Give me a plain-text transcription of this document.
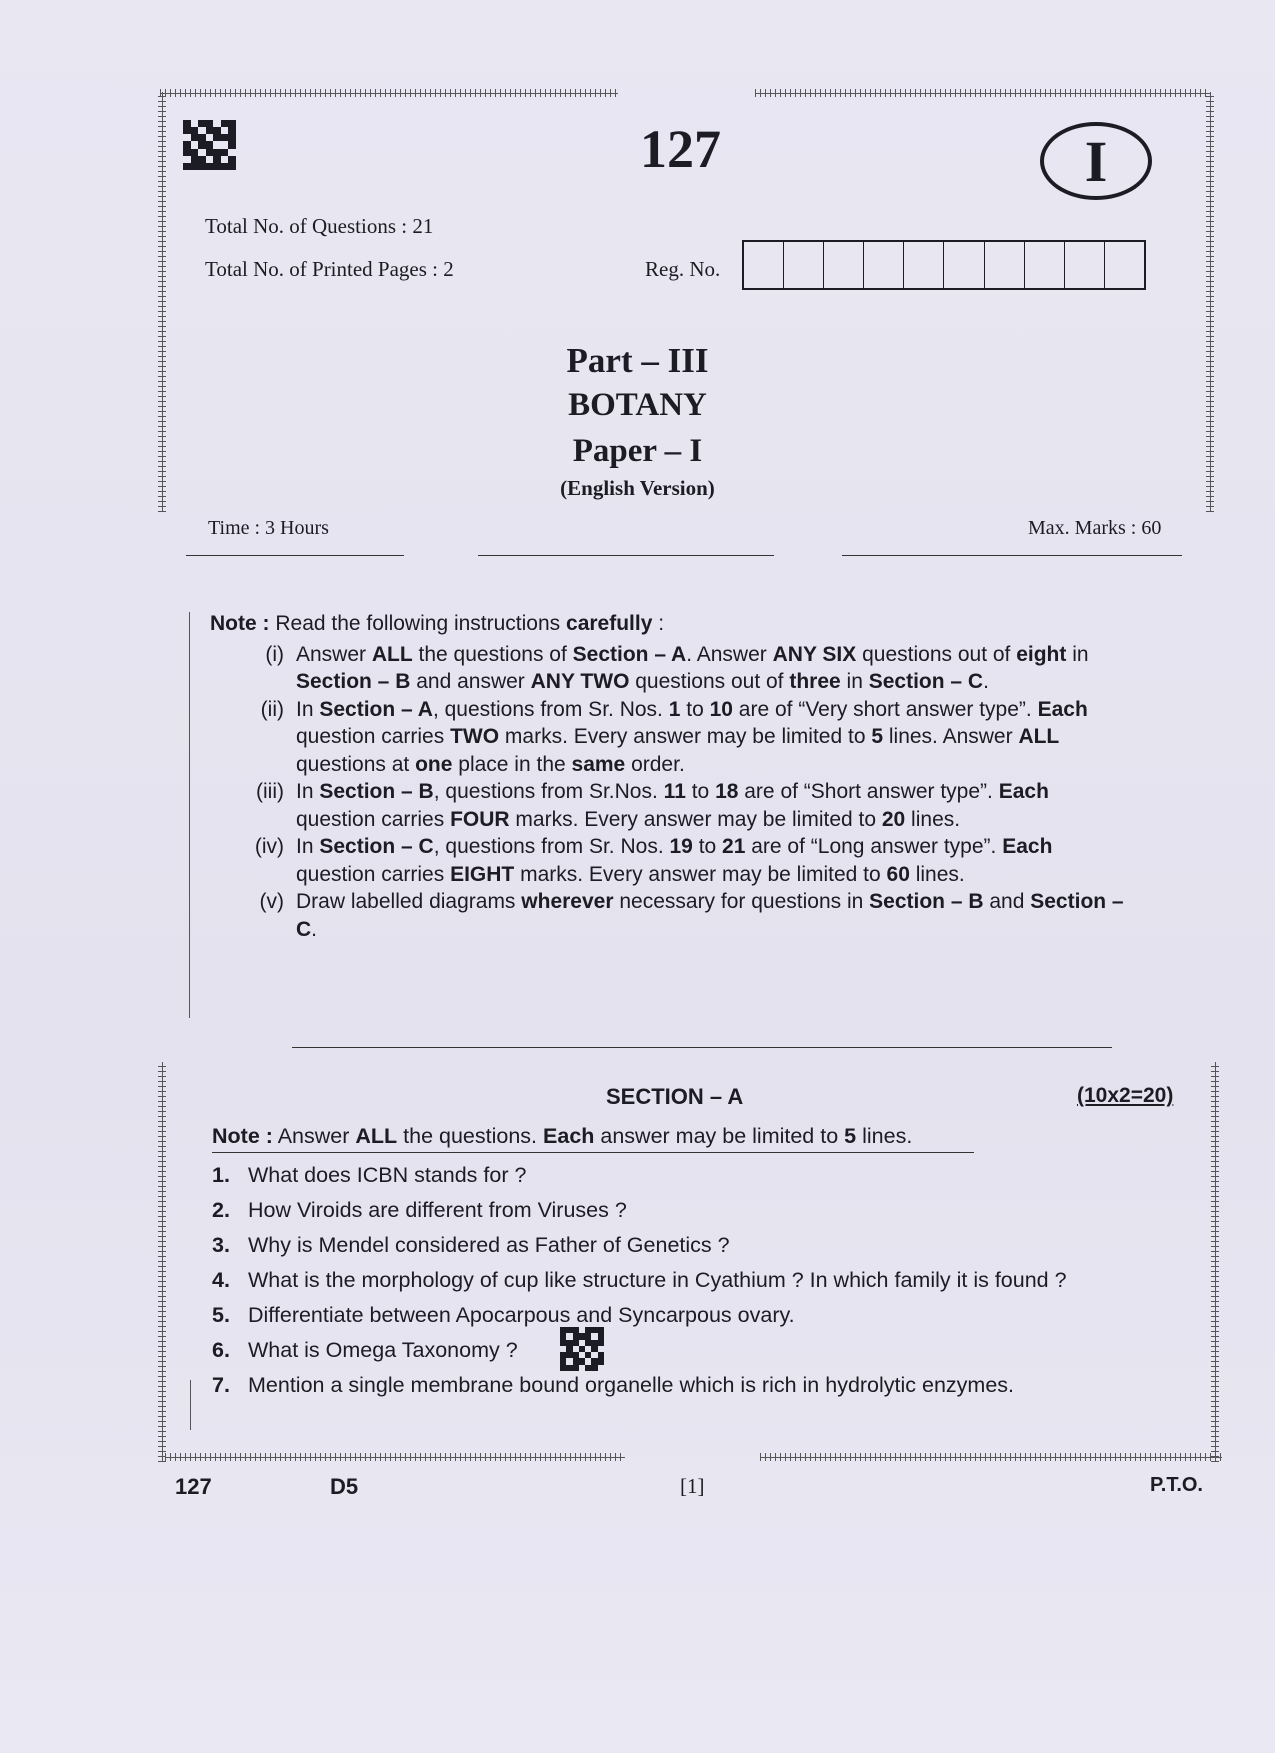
127	I
Total No. of Questions : 21
Total No. of Printed Pages : 2	Reg. No.
Part – III
BOTANY
Paper – I
(English Version)
Time : 3 Hours	Max. Marks : 60
Note : Read the following instructions carefully :
(i) Answer ALL the questions of Section – A. Answer ANY SIX questions out of eight in Section – B and answer ANY TWO questions out of three in Section – C.
(ii) In Section – A, questions from Sr. Nos. 1 to 10 are of “Very short answer type”. Each question carries TWO marks. Every answer may be limited to 5 lines. Answer ALL questions at one place in the same order.
(iii) In Section – B, questions from Sr.Nos. 11 to 18 are of “Short answer type”. Each question carries FOUR marks. Every answer may be limited to 20 lines.
(iv) In Section – C, questions from Sr. Nos. 19 to 21 are of “Long answer type”. Each question carries EIGHT marks. Every answer may be limited to 60 lines.
(v) Draw labelled diagrams wherever necessary for questions in Section – B and Section – C.
SECTION – A	(10x2=20)
Note : Answer ALL the questions. Each answer may be limited to 5 lines.
1. What does ICBN stands for ?
2. How Viroids are different from Viruses ?
3. Why is Mendel considered as Father of Genetics ?
4. What is the morphology of cup like structure in Cyathium ? In which family it is found ?
5. Differentiate between Apocarpous and Syncarpous ovary.
6. What is Omega Taxonomy ?
7. Mention a single membrane bound organelle which is rich in hydrolytic enzymes.
127	D5	[1]	P.T.O.
